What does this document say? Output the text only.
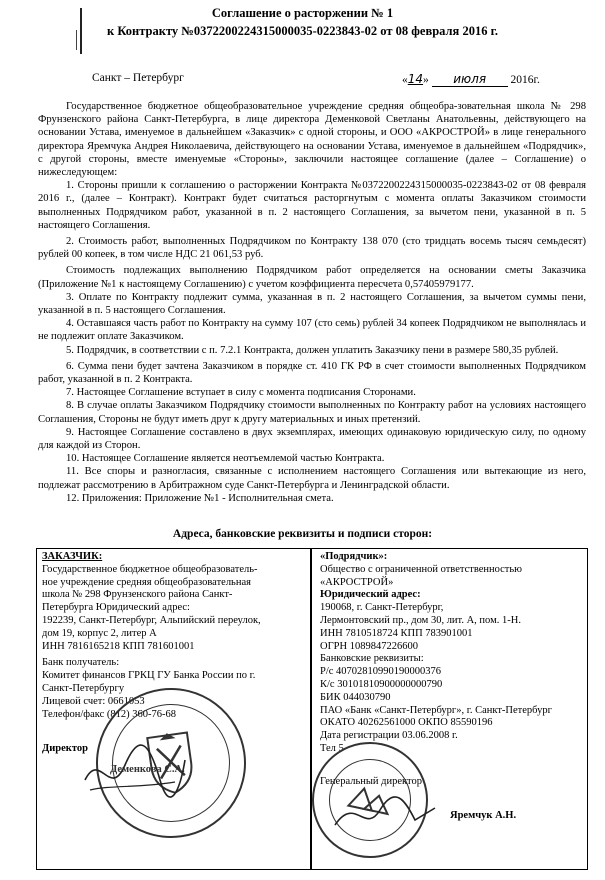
Соглашение о расторжении № 1
к Контракту №0372200224315000035-0223843-02 от 08 февраля 2016 г.
Санкт – Петербург	«14» июля 2016г.

Государственное бюджетное общеобразовательное учреждение средняя общеобра-зовательная школа № 298 Фрунзенского района Санкт-Петербурга, в лице директора Деменковой Светланы Анатольевны, действующего на основании Устава, именуемое в дальнейшем «Заказчик» с одной стороны, и ООО «АКРОСТРОЙ» в лице генерального директора Яремчука Андрея Николаевича, действующего на основании Устава, именуемое в дальнейшем «Подрядчик», с другой стороны, вместе именуемые «Стороны», заключили настоящее соглашение (далее – Соглашение) о нижеследующем:

1. Стороны пришли к соглашению о расторжении Контракта №0372200224315000035-0223843-02 от 08 февраля 2016 г., (далее – Контракт). Контракт будет считаться расторгнутым с момента оплаты Заказчиком стоимости выполненных Подрядчиком работ, указанной в п. 2 настоящего Соглашения, за вычетом пени, указанной в п. 5 настоящего Соглашения.

2. Стоимость работ, выполненных Подрядчиком по Контракту 138 070 (сто тридцать восемь тысяч семьдесят) рублей 00 копеек, в том числе НДС 21 061,53 руб.

Стоимость подлежащих выполнению Подрядчиком работ определяется на основании сметы Заказчика (Приложение №1 к настоящему Соглашению) с учетом коэффициента пересчета 0,57405979177.

3. Оплате по Контракту подлежит сумма, указанная в п. 2 настоящего Соглашения, за вычетом суммы пени, указанной в п. 5 настоящего Соглашения.

4. Оставшаяся часть работ по Контракту на сумму 107 (сто семь) рублей 34 копеек Подрядчиком не выполнялась и не подлежит оплате Заказчиком.

5. Подрядчик, в соответствии с п. 7.2.1 Контракта, должен уплатить Заказчику пени в размере 580,35 рублей.

6. Сумма пени будет зачтена Заказчиком в порядке ст. 410 ГК РФ в счет стоимости выполненных Подрядчиком работ, указанной в п. 2 Контракта.

7. Настоящее Соглашение вступает в силу с момента подписания Сторонами.

8. В случае оплаты Заказчиком Подрядчику стоимости выполненных по Контракту работ на условиях настоящего Соглашения, Стороны не будут иметь друг к другу материальных и иных претензий.

9. Настоящее Соглашение составлено в двух экземплярах, имеющих одинаковую юридическую силу, по одному для каждой из Сторон.

10. Настоящее Соглашение является неотъемлемой частью Контракта.

11. Все споры и разногласия, связанные с исполнением настоящего Соглашения или вытекающие из него, подлежат рассмотрению в Арбитражном суде Санкт-Петербурга и Ленинградской области.

12. Приложения: Приложение №1 - Исполнительная смета.

Адреса, банковские реквизиты и подписи сторон:
ЗАКАЗЧИК:
Государственное бюджетное общеобразователь-
ное учреждение средняя общеобразовательная
школа № 298 Фрунзенского района Санкт-
Петербурга Юридический адрес:
192239, Санкт-Петербург, Альпийский переулок,
дом 19, корпус 2, литер А
ИНН 7816165218 КПП 781601001
Банк получатель:
Комитет финансов ГРКЦ ГУ Банка России по г.
Санкт-Петербургу
Лицевой счет: 0661053
Телефон/факс (812) 360-76-68
Директор
Деменкова С.А.
«Подрядчик»:
Общество с ограниченной ответственностью
«АКРОСТРОЙ»
Юридический адрес:
190068, г. Санкт-Петербург,
Лермонтовский пр., дом 30, лит. А, пом. 1-Н.
ИНН 7810518724 КПП 783901001
ОГРН 1089847226600
Банковские реквизиты:
Р/с 40702810990190000376
К/с 30101810900000000790
БИК 044030790
ПАО «Банк «Санкт-Петербург», г. Санкт-Петербург
ОКАТО 40262561000 ОКПО 85590196
Дата регистрации 03.06.2008 г.
Тел 5
Генеральный директор
Яремчук А.Н.
